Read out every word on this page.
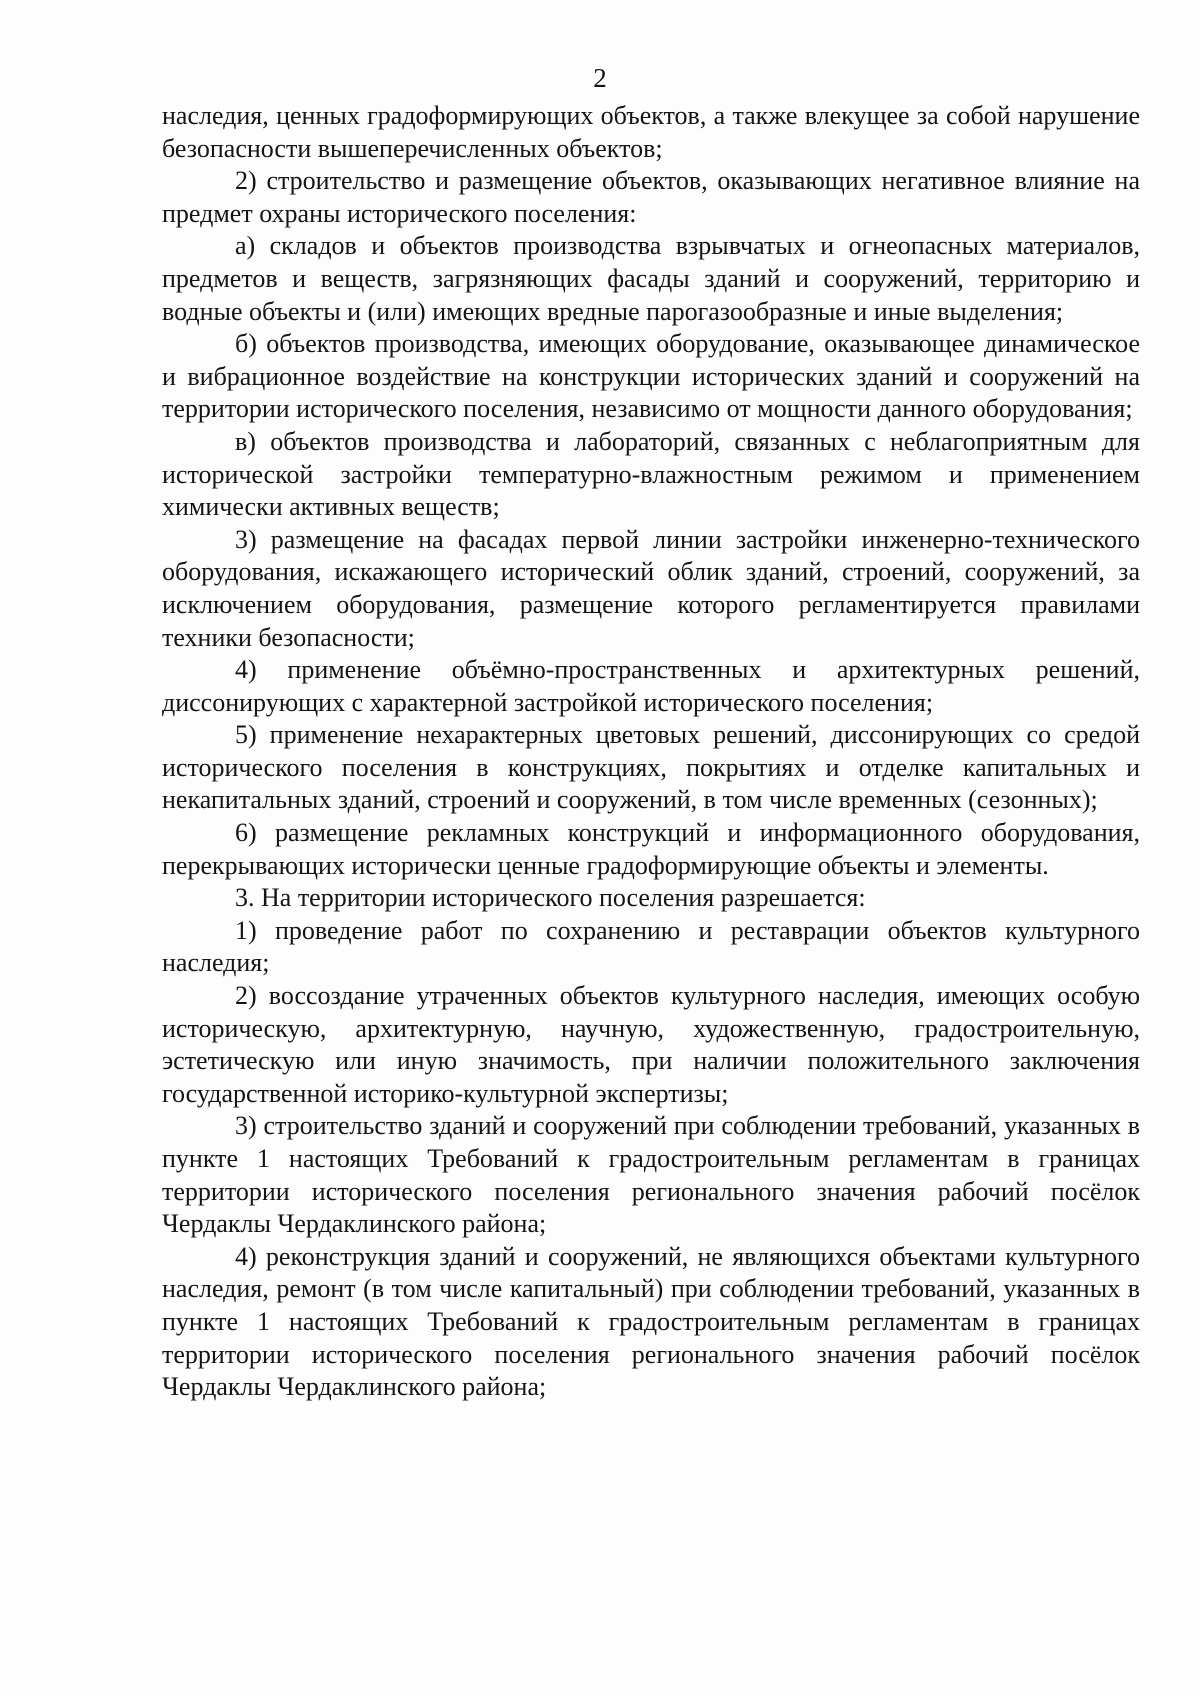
2

наследия, ценных градоформирующих объектов, а также влекущее за собой нарушение безопасности вышеперечисленных объектов;

2) строительство и размещение объектов, оказывающих негативное влияние на предмет охраны исторического поселения:

а) складов и объектов производства взрывчатых и огнеопасных материалов, предметов и веществ, загрязняющих фасады зданий и сооружений, территорию и водные объекты и (или) имеющих вредные парогазообразные и иные выделения;

б) объектов производства, имеющих оборудование, оказывающее динамическое и вибрационное воздействие на конструкции исторических зданий и сооружений на территории исторического поселения, независимо от мощности данного оборудования;

в) объектов производства и лабораторий, связанных с неблагоприятным для исторической застройки температурно-влажностным режимом и применением химически активных веществ;

3) размещение на фасадах первой линии застройки инженерно-технического оборудования, искажающего исторический облик зданий, строений, сооружений, за исключением оборудования, размещение которого регламентируется правилами техники безопасности;

4) применение объёмно-пространственных и архитектурных решений, диссонирующих с характерной застройкой исторического поселения;

5) применение нехарактерных цветовых решений, диссонирующих со средой исторического поселения в конструкциях, покрытиях и отделке капитальных и некапитальных зданий, строений и сооружений, в том числе временных (сезонных);

6) размещение рекламных конструкций и информационного оборудования, перекрывающих исторически ценные градоформирующие объекты и элементы.

3. На территории исторического поселения разрешается:

1) проведение работ по сохранению и реставрации объектов культурного наследия;

2) воссоздание утраченных объектов культурного наследия, имеющих особую историческую, архитектурную, научную, художественную, градостроительную, эстетическую или иную значимость, при наличии положительного заключения государственной историко-культурной экспертизы;

3) строительство зданий и сооружений при соблюдении требований, указанных в пункте 1 настоящих Требований к градостроительным регламентам в границах территории исторического поселения регионального значения рабочий посёлок Чердаклы Чердаклинского района;

4) реконструкция зданий и сооружений, не являющихся объектами культурного наследия, ремонт (в том числе капитальный) при соблюдении требований, указанных в пункте 1 настоящих Требований к градостроительным регламентам в границах территории исторического поселения регионального значения рабочий посёлок Чердаклы Чердаклинского района;
